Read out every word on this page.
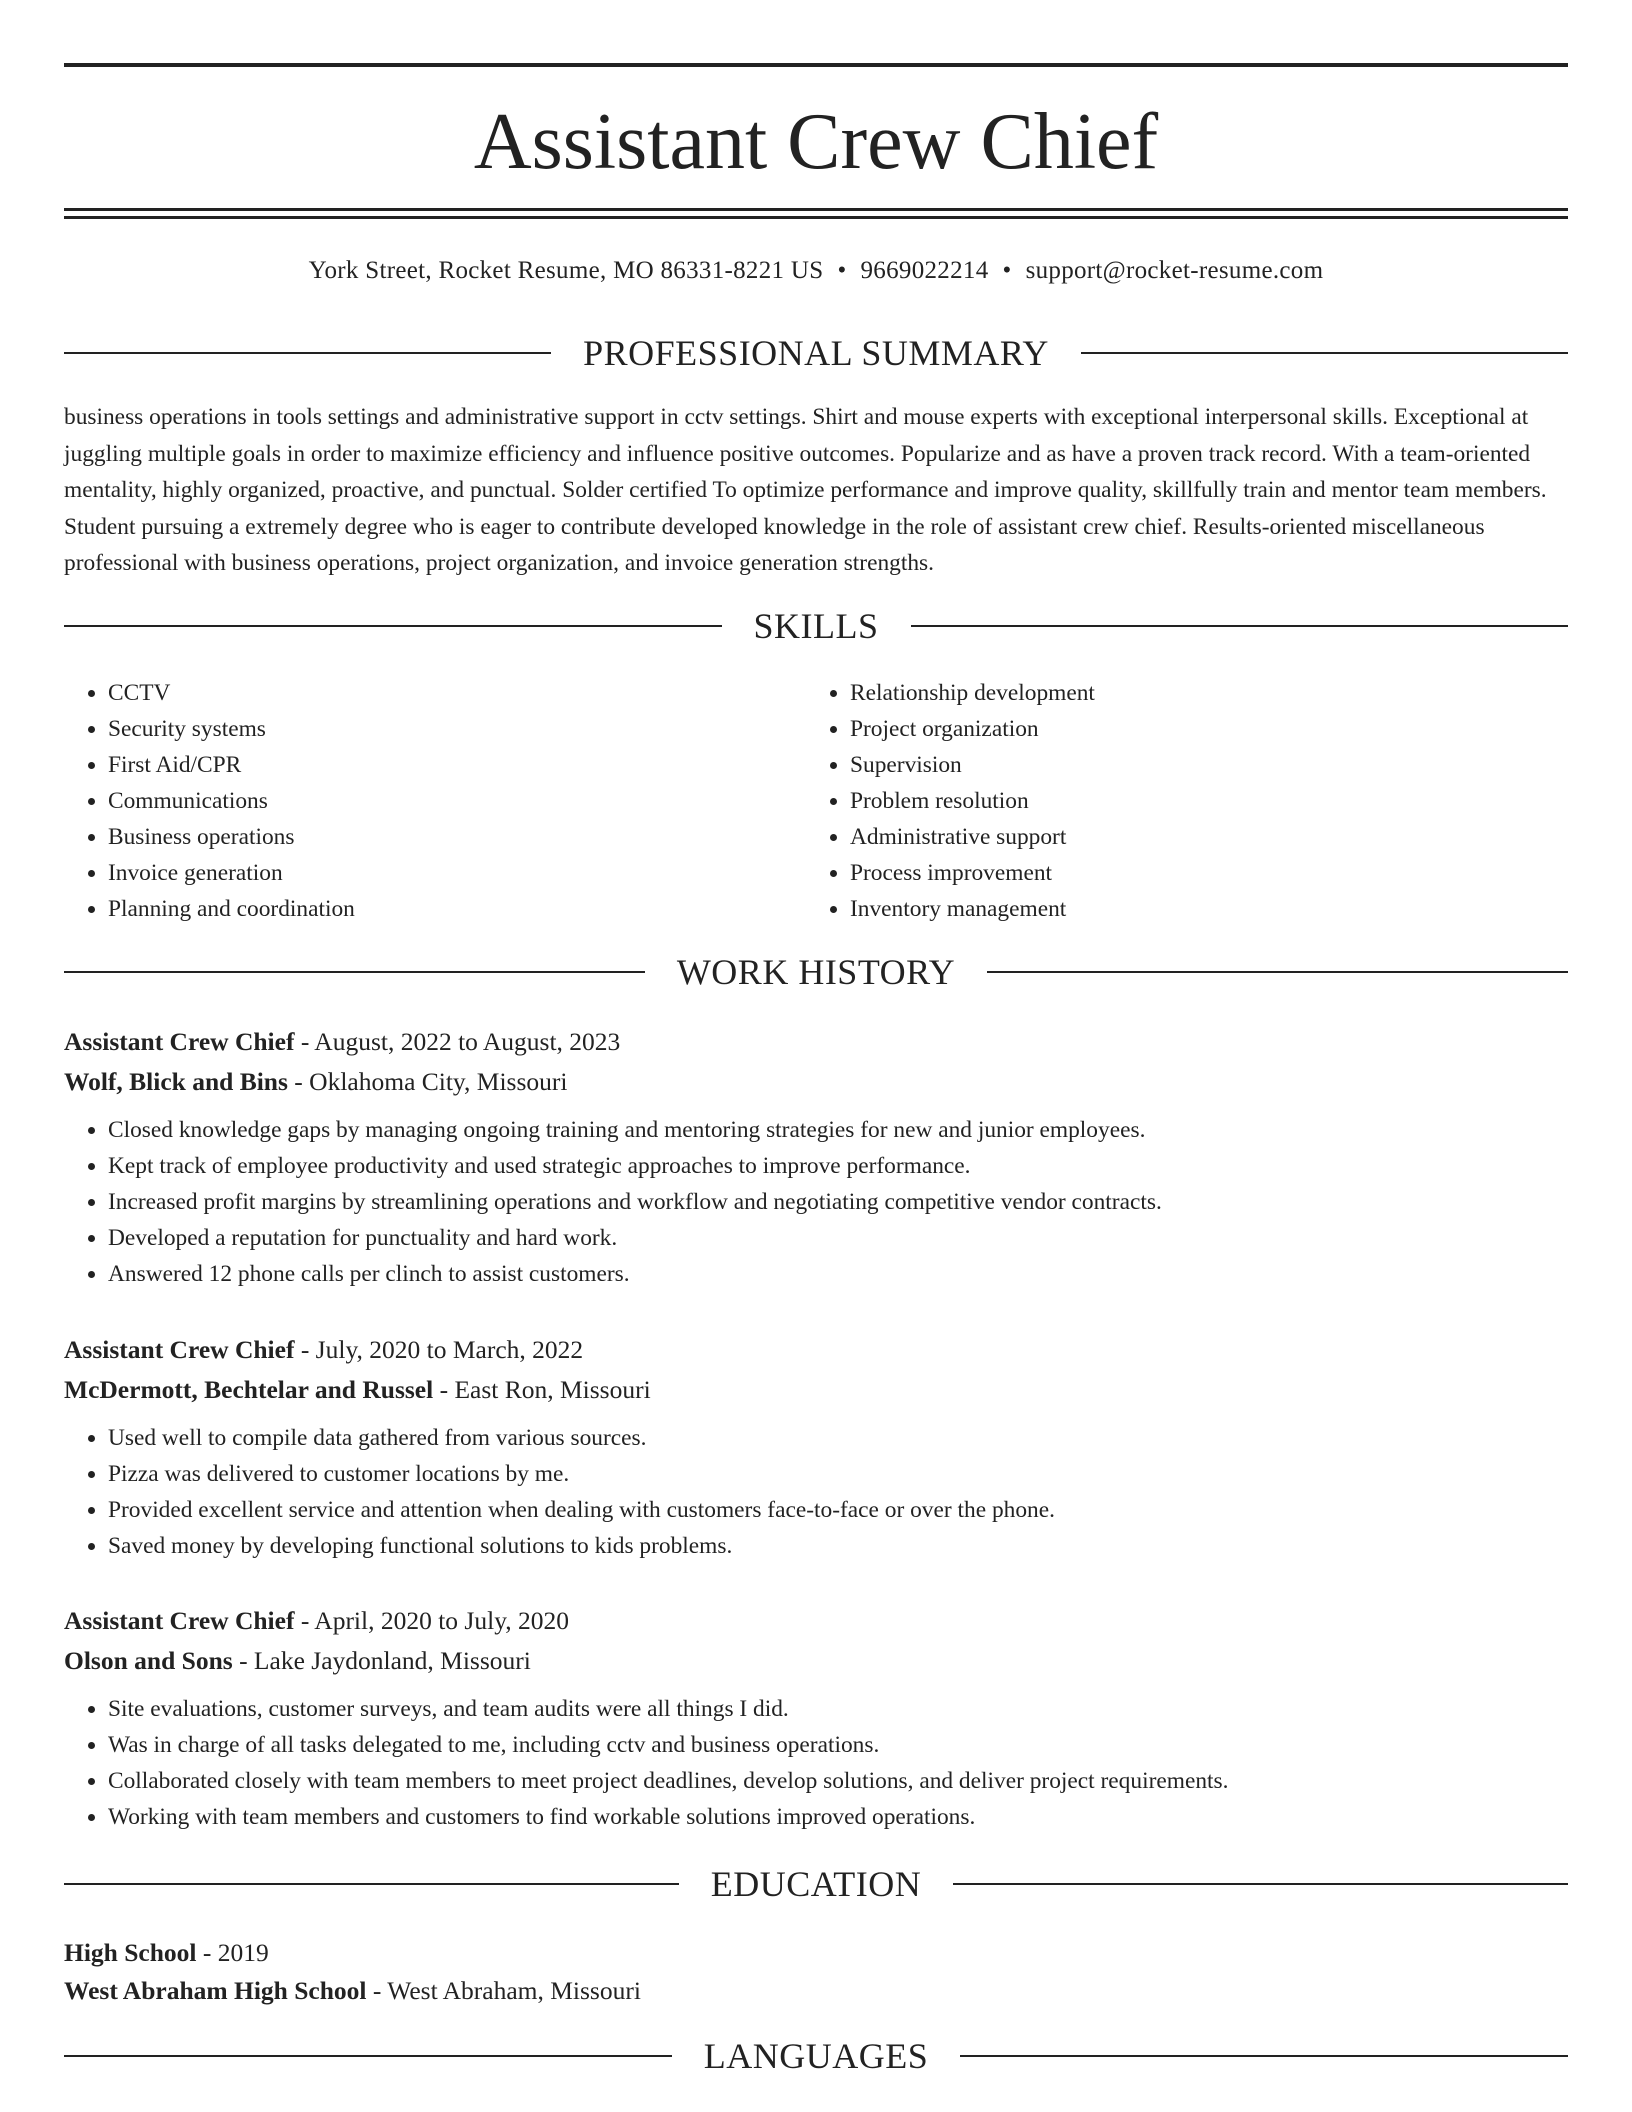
Assistant Crew Chief
York Street, Rocket Resume, MO 86331-8221 US • 9669022214 • support@rocket-resume.com
PROFESSIONAL SUMMARY

business operations in tools settings and administrative support in cctv settings. Shirt and mouse experts with exceptional interpersonal skills. Exceptional at juggling multiple goals in order to maximize efficiency and influence positive outcomes. Popularize and as have a proven track record. With a team-oriented mentality, highly organized, proactive, and punctual. Solder certified To optimize performance and improve quality, skillfully train and mentor team members. Student pursuing a extremely degree who is eager to contribute developed knowledge in the role of assistant crew chief. Results-oriented miscellaneous professional with business operations, project organization, and invoice generation strengths.

SKILLS
• CCTV
• Security systems
• First Aid/CPR
• Communications
• Business operations
• Invoice generation
• Planning and coordination
• Relationship development
• Project organization
• Supervision
• Problem resolution
• Administrative support
• Process improvement
• Inventory management
WORK HISTORY
Assistant Crew Chief - August, 2022 to August, 2023
Wolf, Blick and Bins - Oklahoma City, Missouri
• Closed knowledge gaps by managing ongoing training and mentoring strategies for new and junior employees.
• Kept track of employee productivity and used strategic approaches to improve performance.
• Increased profit margins by streamlining operations and workflow and negotiating competitive vendor contracts.
• Developed a reputation for punctuality and hard work.
• Answered 12 phone calls per clinch to assist customers.
Assistant Crew Chief - July, 2020 to March, 2022
McDermott, Bechtelar and Russel - East Ron, Missouri
• Used well to compile data gathered from various sources.
• Pizza was delivered to customer locations by me.
• Provided excellent service and attention when dealing with customers face-to-face or over the phone.
• Saved money by developing functional solutions to kids problems.
Assistant Crew Chief - April, 2020 to July, 2020
Olson and Sons - Lake Jaydonland, Missouri
• Site evaluations, customer surveys, and team audits were all things I did.
• Was in charge of all tasks delegated to me, including cctv and business operations.
• Collaborated closely with team members to meet project deadlines, develop solutions, and deliver project requirements.
• Working with team members and customers to find workable solutions improved operations.
EDUCATION
High School - 2019
West Abraham High School - West Abraham, Missouri
LANGUAGES
